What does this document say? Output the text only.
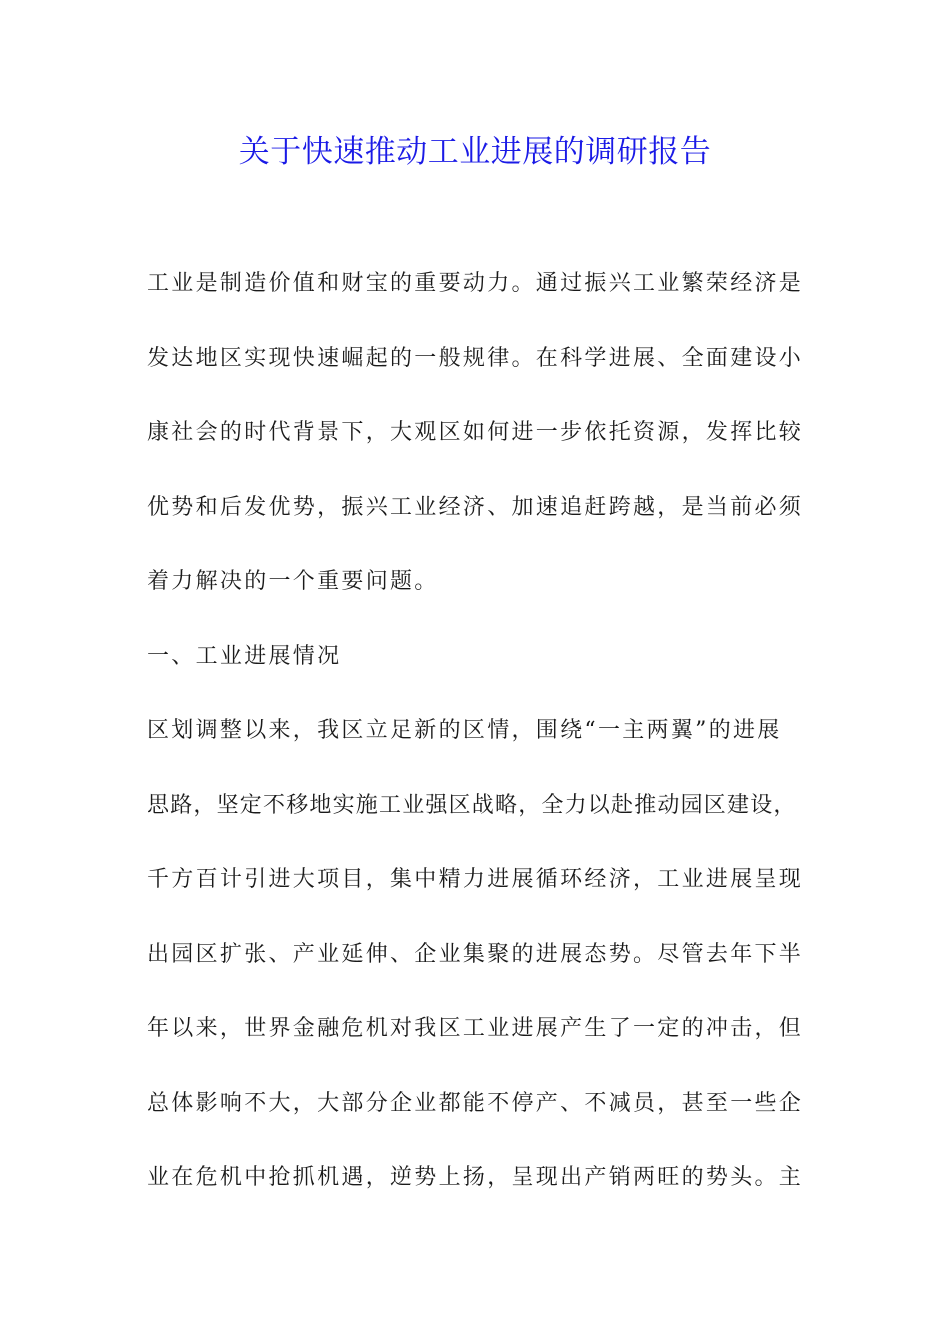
关于快速推动工业进展的调研报告
工业是制造价值和财宝的重要动力。通过振兴工业繁荣经济是
发达地区实现快速崛起的一般规律。在科学进展、全面建设小
康社会的时代背景下，大观区如何进一步依托资源，发挥比较
优势和后发优势，振兴工业经济、加速追赶跨越，是当前必须
着力解决的一个重要问题。
一、工业进展情况
区划调整以来，我区立足新的区情，围绕“一主两翼”的进展
思路，坚定不移地实施工业强区战略，全力以赴推动园区建设，
千方百计引进大项目，集中精力进展循环经济，工业进展呈现
出园区扩张、产业延伸、企业集聚的进展态势。尽管去年下半
年以来，世界金融危机对我区工业进展产生了一定的冲击，但
总体影响不大，大部分企业都能不停产、不减员，甚至一些企
业在危机中抢抓机遇，逆势上扬，呈现出产销两旺的势头。主
